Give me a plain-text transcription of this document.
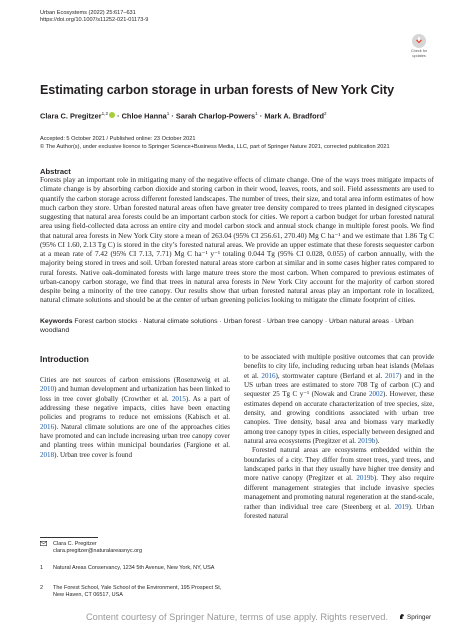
Urban Ecosystems (2022) 25:617–631
https://doi.org/10.1007/s11252-021-01173-9
Check for
updates
Estimating carbon storage in urban forests of New York City
Clara C. Pregitzer$^{1,2}$ · Chloe Hanna$^1$ · Sarah Charlop-Powers$^1$ · Mark A. Bradford$^2$
Accepted: 5 October 2021 / Published online: 23 October 2021
© The Author(s), under exclusive licence to Springer Science+Business Media, LLC, part of Springer Nature 2021, corrected publication 2021
Abstract
Forests play an important role in mitigating many of the negative effects of climate change. One of the ways trees mitigate impacts of climate change is by absorbing carbon dioxide and storing carbon in their wood, leaves, roots, and soil. Field assessments are used to quantify the carbon storage across different forested landscapes. The number of trees, their size, and total area inform estimates of how much carbon they store. Urban forested natural areas often have greater tree density compared to trees planted in designed cityscapes suggesting that natural area forests could be an important carbon stock for cities. We report a carbon budget for urban forested natural area using field-collected data across an entire city and model carbon stock and annual stock change in multiple forest pools. We find that natural area forests in New York City store a mean of 263.04 (95% CI 256.61, 270.40) Mg C ha⁻¹ and we estimate that 1.86 Tg C (95% CI 1.60, 2.13 Tg C) is stored in the city’s forested natural areas. We provide an upper estimate that these forests sequester carbon at a mean rate of 7.42 (95% CI 7.13, 7.71) Mg C ha⁻¹ y⁻¹ totaling 0.044 Tg (95% CI 0.028, 0.055) of carbon annually, with the majority being stored in trees and soil. Urban forested natural areas store carbon at similar and in some cases higher rates compared to rural forests. Native oak-dominated forests with large mature trees store the most carbon. When compared to previous estimates of urban-canopy carbon storage, we find that trees in natural area forests in New York City account for the majority of carbon stored despite being a minority of the tree canopy. Our results show that urban forested natural areas play an important role in localized, natural climate solutions and should be at the center of urban greening policies looking to mitigate the climate footprint of cities.
Keywords Forest carbon stocks · Natural climate solutions · Urban forest · Urban tree canopy · Urban natural areas · Urban woodland
Introduction

Cities are net sources of carbon emissions (Rosenzweig et al. 2010) and human development and urbanization has been linked to loss in tree cover globally (Crowther et al. 2015). As a part of addressing these negative impacts, cities have been enacting policies and programs to reduce net emissions (Kabisch et al. 2016). Natural climate solutions are one of the approaches cities have promoted and can include increasing urban tree canopy cover and planting trees within municipal boundaries (Fargione et al. 2018). Urban tree cover is found

to be associated with multiple positive outcomes that can provide benefits to city life, including reducing urban heat islands (Melaas et al. 2016), stormwater capture (Berland et al. 2017) and in the US urban trees are estimated to store 708 Tg of carbon (C) and sequester 25 Tg C y⁻¹ (Nowak and Crane 2002). However, these estimates depend on accurate characterization of tree species, size, density, and growing conditions associated with urban tree canopies. Tree density, basal area and biomass vary markedly among tree canopy types in cities, especially between designed and natural area ecosystems (Pregitzer et al. 2019b).

Forested natural areas are ecosystems embedded within the boundaries of a city. They differ from street trees, yard trees, and landscaped parks in that they usually have higher tree density and more native canopy (Pregitzer et al. 2019b). They also require different management strategies that include invasive species management and promoting natural regeneration at the stand-scale, rather than individual tree care (Steenberg et al. 2019). Urban forested natural

Clara C. Pregitzer
clara.pregitzer@naturalareasnyc.org
1	Natural Areas Conservancy, 1234 5th Avenue, New York, NY, USA
2	The Forest School, Yale School of the Environment, 195 Prospect St, New Haven, CT 06517, USA
Springer
Content courtesy of Springer Nature, terms of use apply. Rights reserved.
